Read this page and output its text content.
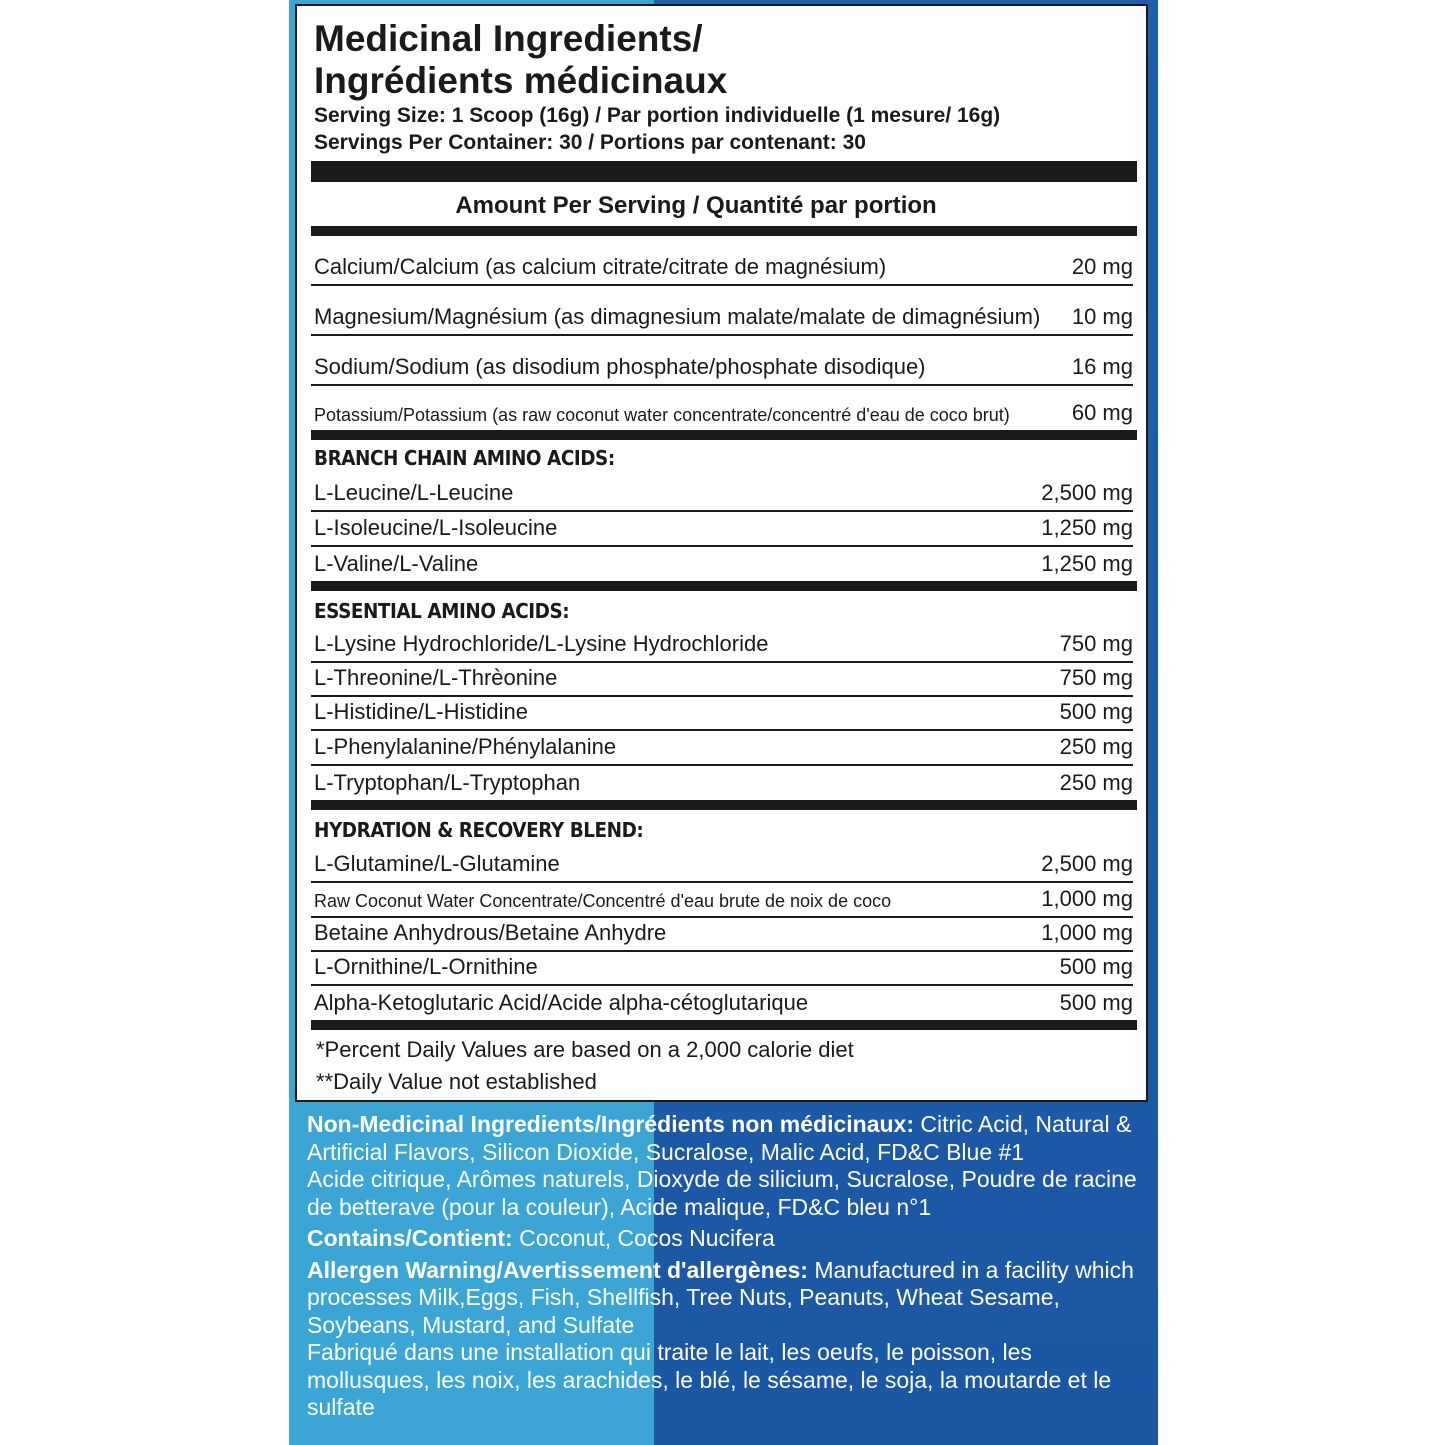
Medicinal Ingredients/
Ingrédients médicinaux
Serving Size: 1 Scoop (16g) / Par portion individuelle (1 mesure/ 16g)
Servings Per Container: 30 / Portions par contenant: 30
Amount Per Serving / Quantité par portion
Calcium/Calcium (as calcium citrate/citrate de magnésium)	20 mg
Magnesium/Magnésium (as dimagnesium malate/malate de dimagnésium) 10 mg
Sodium/Sodium (as disodium phosphate/phosphate disodique)	16 mg
Potassium/Potassium (as raw coconut water concentrate/concentré d'eau de coco brut)	60 mg
BRANCH CHAIN AMINO ACIDS:
L-Leucine/L-Leucine	2,500 mg
L-Isoleucine/L-Isoleucine	1,250 mg
L-Valine/L-Valine	1,250 mg
ESSENTIAL AMINO ACIDS:
L-Lysine Hydrochloride/L-Lysine Hydrochloride	750 mg
L-Threonine/L-Thrèonine	750 mg
L-Histidine/L-Histidine	500 mg
L-Phenylalanine/Phénylalanine	250 mg
L-Tryptophan/L-Tryptophan	250 mg
HYDRATION & RECOVERY BLEND:
L-Glutamine/L-Glutamine	2,500 mg
Raw Coconut Water Concentrate/Concentré d'eau brute de noix de coco	1,000 mg
Betaine Anhydrous/Betaine Anhydre	1,000 mg
L-Ornithine/L-Ornithine	500 mg
Alpha-Ketoglutaric Acid/Acide alpha-cétoglutarique	500 mg
*Percent Daily Values are based on a 2,000 calorie diet
**Daily Value not established

Non-Medicinal Ingredients/Ingrédients non médicinaux: Citric Acid, Natural & Artificial Flavors, Silicon Dioxide, Sucralose, Malic Acid, FD&C Blue #1

Acide citrique, Arômes naturels, Dioxyde de silicium, Sucralose, Poudre de racine de betterave (pour la couleur), Acide malique, FD&C bleu n°1

Contains/Contient: Coconut, Cocos Nucifera

Allergen Warning/Avertissement d'allergènes: Manufactured in a facility which processes Milk,Eggs, Fish, Shellfish, Tree Nuts, Peanuts, Wheat Sesame, Soybeans, Mustard, and Sulfate

Fabriqué dans une installation qui traite le lait, les oeufs, le poisson, les mollusques, les noix, les arachides, le blé, le sésame, le soja, la moutarde et le sulfate
